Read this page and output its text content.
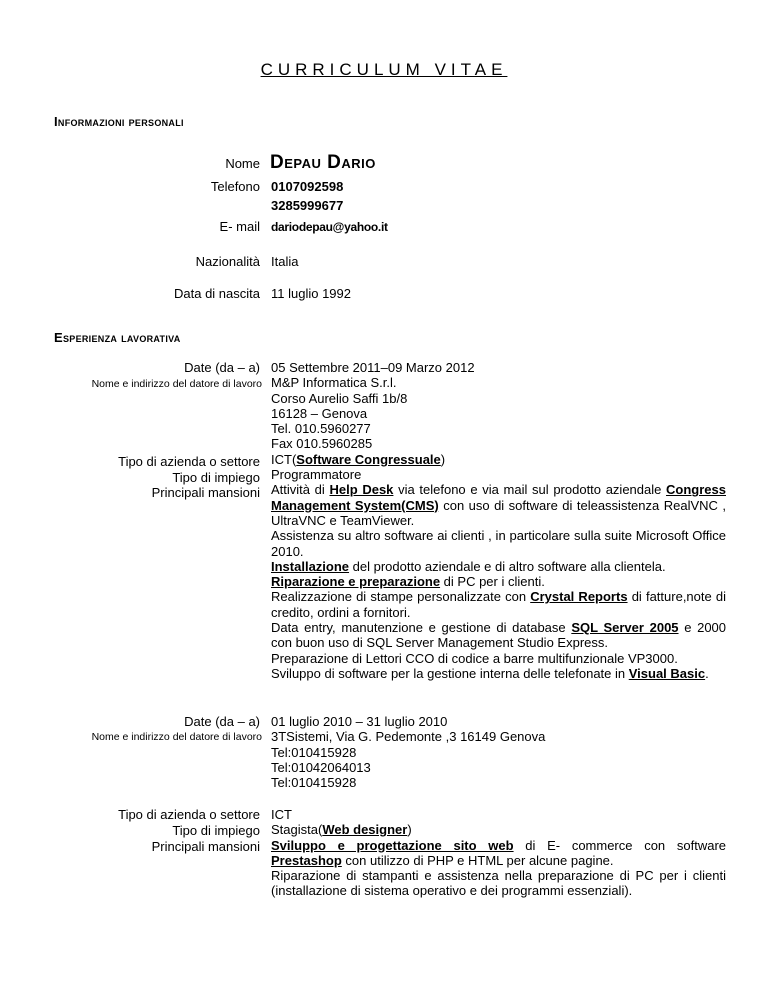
CURRICULUM VITAE
Informazioni personali
Nome Depau Dario
Telefono 0107092598
3285999677
E- mail dariodepau@yahoo.it
Nazionalità Italia
Data di nascita 11 luglio 1992
Esperienza lavorativa
Date (da – a)
Nome e indirizzo del datore di lavoro
Tipo di azienda o settore
Tipo di impiego
Principali mansioni

05 Settembre 2011–09 Marzo 2012

M&P Informatica S.r.l.

Corso Aurelio Saffi 1b/8

16128 – Genova

Tel. 010.5960277

Fax 010.5960285

ICT(Software Congressuale)

Programmatore

Attività di Help Desk via telefono e via mail sul prodotto aziendale Congress Management System(CMS) con uso di software di teleassistenza RealVNC , UltraVNC e TeamViewer.

Assistenza su altro software ai clienti , in particolare sulla suite Microsoft Office 2010.

Installazione del prodotto aziendale e di altro software alla clientela.

Riparazione e preparazione di PC per i clienti.

Realizzazione di stampe personalizzate con Crystal Reports di fatture,note di credito, ordini a fornitori.

Data entry, manutenzione e gestione di database SQL Server 2005 e 2000 con buon uso di SQL Server Management Studio Express.

Preparazione di Lettori CCO di codice a barre multifunzionale VP3000.

Sviluppo di software per la gestione interna delle telefonate in Visual Basic.

Date (da – a)
Nome e indirizzo del datore di lavoro
Tipo di azienda o settore
Tipo di impiego
Principali mansioni

01 luglio 2010 – 31 luglio 2010

3TSistemi, Via G. Pedemonte ,3 16149 Genova

Tel:010415928

Tel:01042064013

Tel:010415928

ICT

Stagista(Web designer)

Sviluppo e progettazione sito web di E- commerce con software Prestashop con utilizzo di PHP e HTML per alcune pagine.

Riparazione di stampanti e assistenza nella preparazione di PC per i clienti (installazione di sistema operativo e dei programmi essenziali).
